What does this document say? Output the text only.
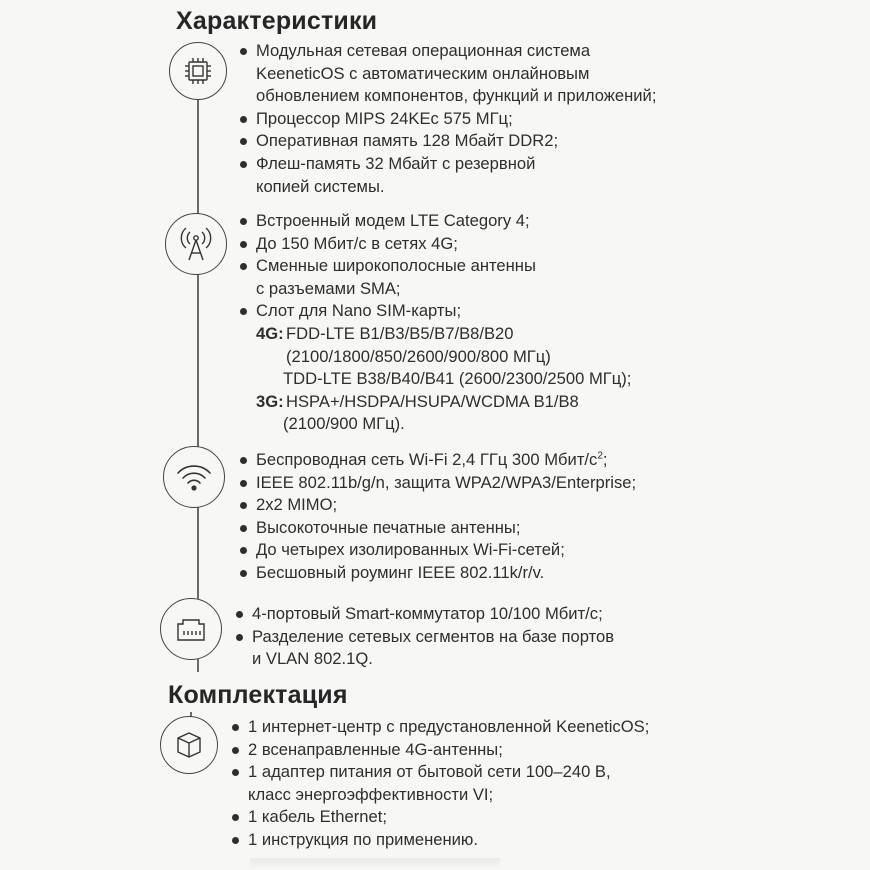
Характеристики
Модульная сетевая операционная система
KeeneticOS с автоматическим онлайновым
обновлением компонентов, функций и приложений;
Процессор MIPS 24KEc 575 МГц;
Оперативная память 128 Мбайт DDR2;
Флеш-память 32 Мбайт с резервной
копией системы.
Встроенный модем LTE Category 4;
До 150 Мбит/с в сетях 4G;
Сменные широкополосные антенны
с разъемами SMA;
Слот для Nano SIM-карты;
4G: FDD-LTE B1/B3/B5/B7/B8/B20
(2100/1800/850/2600/900/800 МГц)
TDD-LTE B38/B40/B41 (2600/2300/2500 МГц);
3G: HSPA+/HSDPA/HSUPA/WCDMA B1/B8
(2100/900 МГц).
Беспроводная сеть Wi-Fi 2,4 ГГц 300 Мбит/$с^2$;
IEEE 802.11b/g/n, защита WPA2/WPA3/Enterprise;
2x2 MIMO;
Высокоточные печатные антенны;
До четырех изолированных Wi-Fi-сетей;
Бесшовный роуминг IEEE 802.11k/r/v.
4-портовый Smart-коммутатор 10/100 Мбит/с;
Разделение сетевых сегментов на базе портов
и VLAN 802.1Q.
Комплектация
1 интернет-центр с предустановленной KeeneticOS;
2 всенаправленные 4G-антенны;
1 адаптер питания от бытовой сети 100–240 В,
класс энергоэффективности VI;
1 кабель Ethernet;
1 инструкция по применению.
